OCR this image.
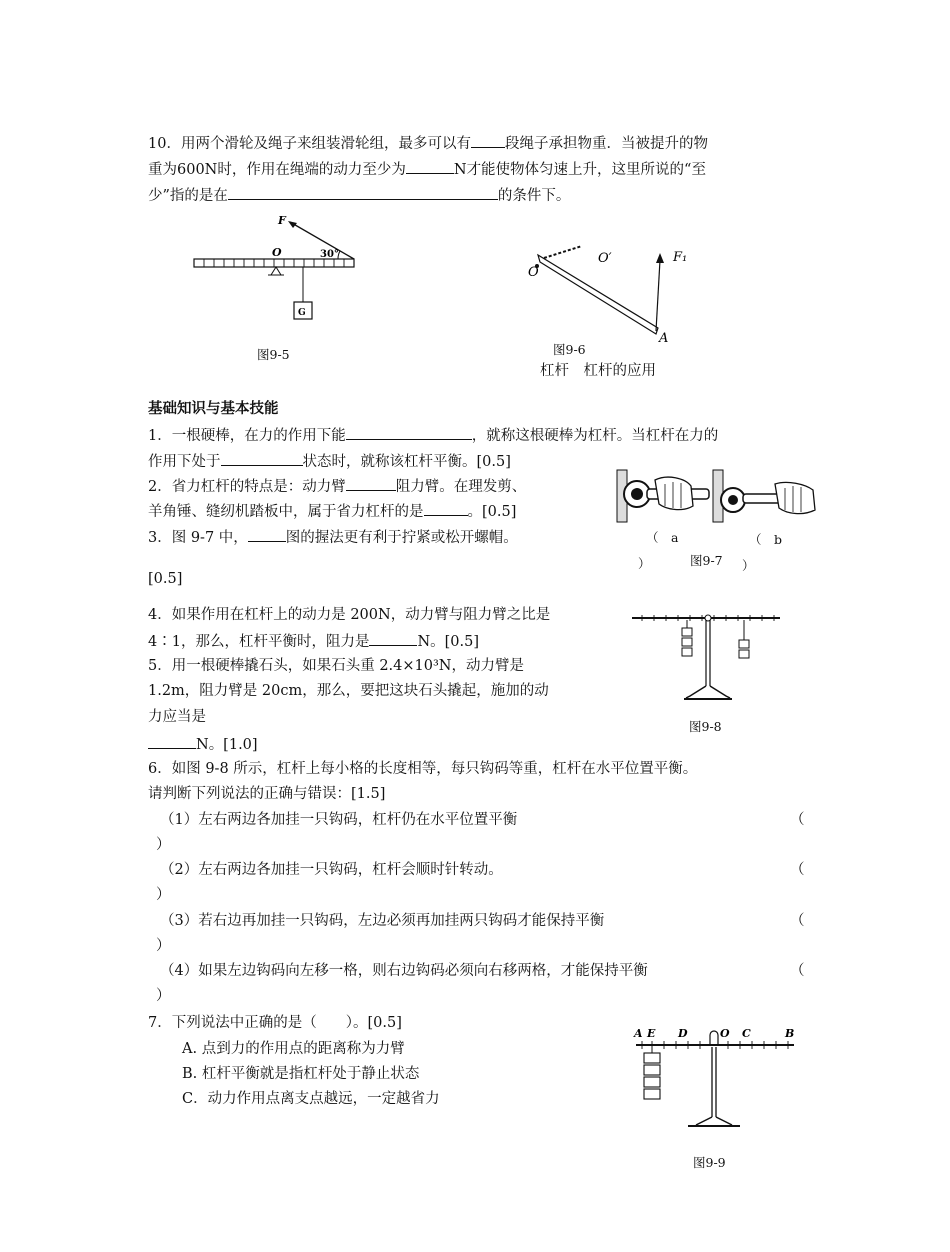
10．用两个滑轮及绳子来组装滑轮组，最多可以有 段绳子承担物重．当被提升的物
重为600N时，作用在绳端的动力至少为	N才能使物体匀速上升，这里所说的“至
少”指的是在	的条件下。
F
O	30°
G
图9-5
O
O′	F₁
A
图9-6
杠杆　杠杆的应用
基础知识与基本技能
1．一根硬棒，在力的作用下能	，就称这根硬棒为杠杆。当杠杆在力的
作用下处于	状态时，就称该杠杆平衡。[0.5]
2．省力杠杆的特点是：动力臂	阻力臂。在理发剪、
羊角锤、缝纫机踏板中，属于省力杠杆的是	。[0.5]
3．图 9-7 中，	图的握法更有利于拧紧或松开螺帽。
[0.5]
（　a
）	图9-7
（　b
）
4．如果作用在杠杆上的动力是 200N，动力臂与阻力臂之比是
4∶1，那么，杠杆平衡时，阻力是	N。[0.5]
5．用一根硬棒撬石头，如果石头重 2.4×10³N，动力臂是
1.2m，阻力臂是 20cm，那么，要把这块石头撬起，施加的动
力应当是
N。[1.0]
图9-8
6．如图 9-8 所示，杠杆上每小格的长度相等，每只钩码等重，杠杆在水平位置平衡。
请判断下列说法的正确与错误：[1.5]
（1）左右两边各加挂一只钩码，杠杆仍在水平位置平衡	（
）
（2）左右两边各加挂一只钩码，杠杆会顺时针转动。	（
）
（3）若右边再加挂一只钩码，左边必须再加挂两只钩码才能保持平衡	（
）
（4）如果左边钩码向左移一格，则右边钩码必须向右移两格，才能保持平衡	（
）
7．下列说法中正确的是（　　）。[0.5]
A. 点到力的作用点的距离称为力臂
B. 杠杆平衡就是指杠杆处于静止状态
C．动力作用点离支点越远，一定越省力
A E D	O C	B
图9-9
